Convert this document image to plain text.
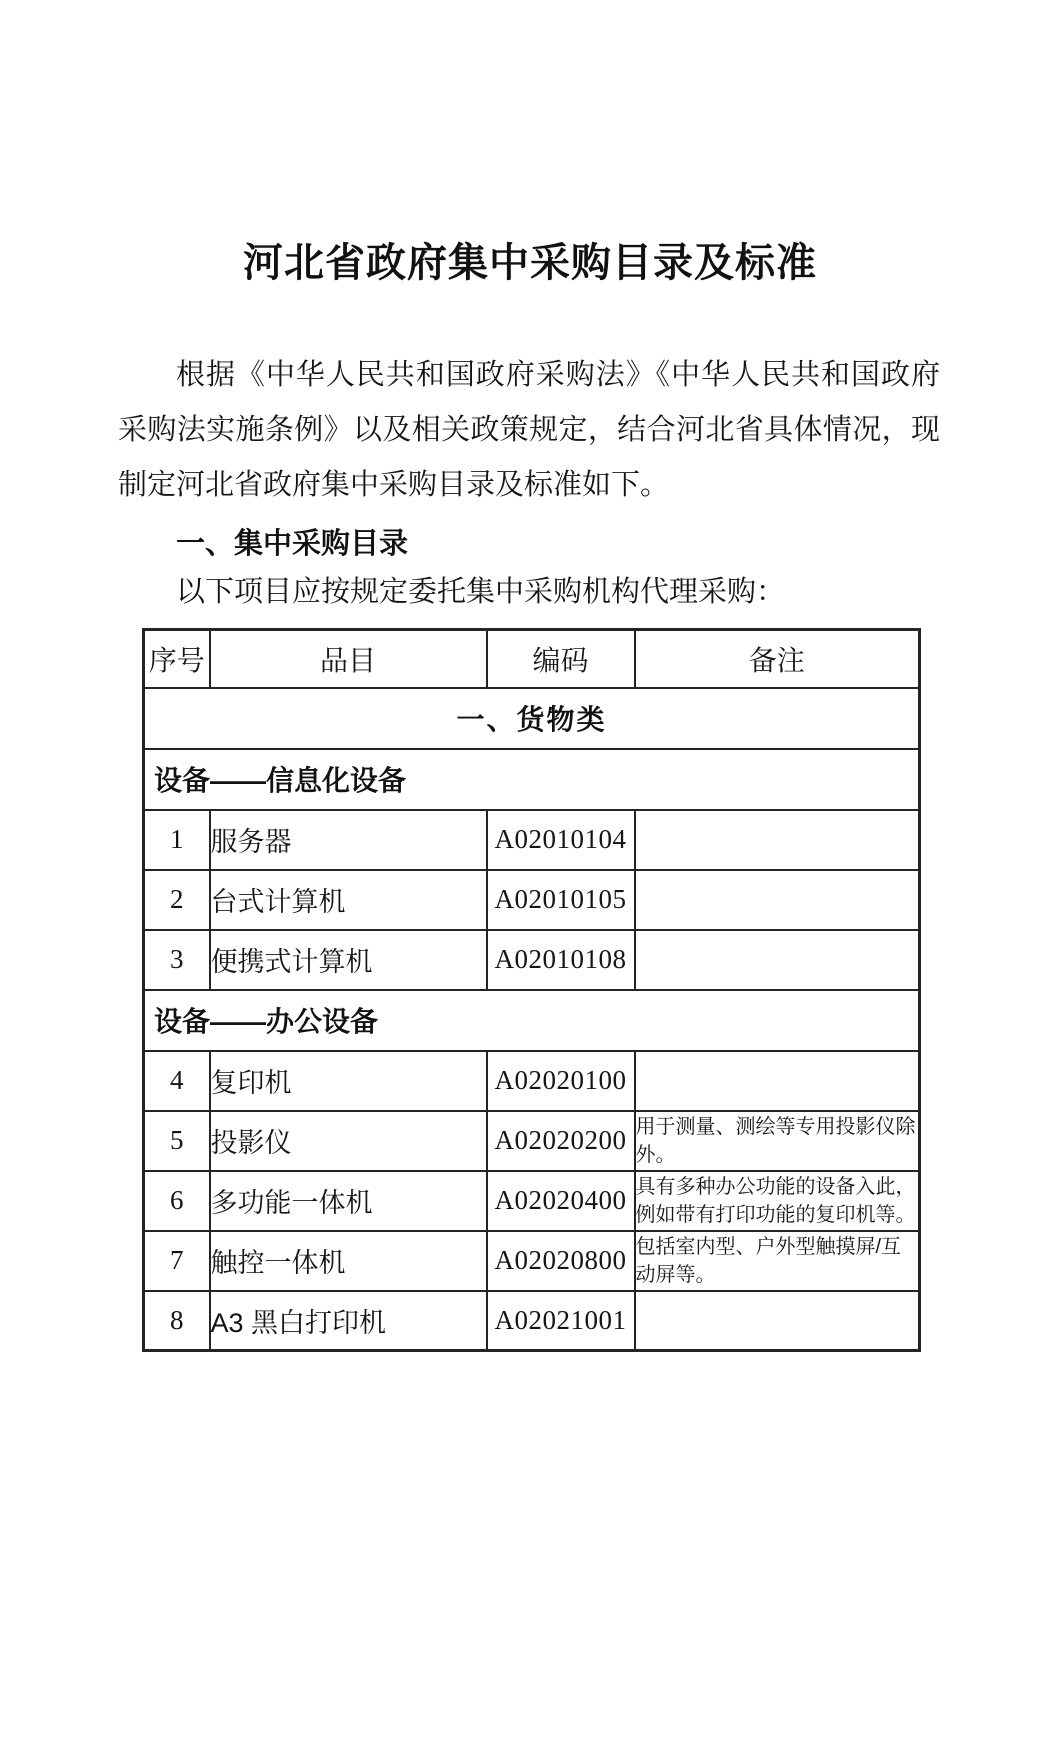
河北省政府集中采购目录及标准

根据《中华人民共和国政府采购法》《中华人民共和国政府采购法实施条例》以及相关政策规定，结合河北省具体情况，现制定河北省政府集中采购目录及标准如下。

一、集中采购目录

以下项目应按规定委托集中采购机构代理采购：

序号	品目	编码	备注
一、货物类			
设备——信息化设备			
1	服务器	A02010104	
2	台式计算机	A02010105	
3	便携式计算机	A02010108	
设备——办公设备			
4	复印机	A02020100	
5	投影仪	A02020200	用于测量、测绘等专用投影仪除外。
6	多功能一体机	A02020400	具有多种办公功能的设备入此，例如带有打印功能的复印机等。
7	触控一体机	A02020800	包括室内型、户外型触摸屏/互动屏等。
8	A3 黑白打印机	A02021001	
